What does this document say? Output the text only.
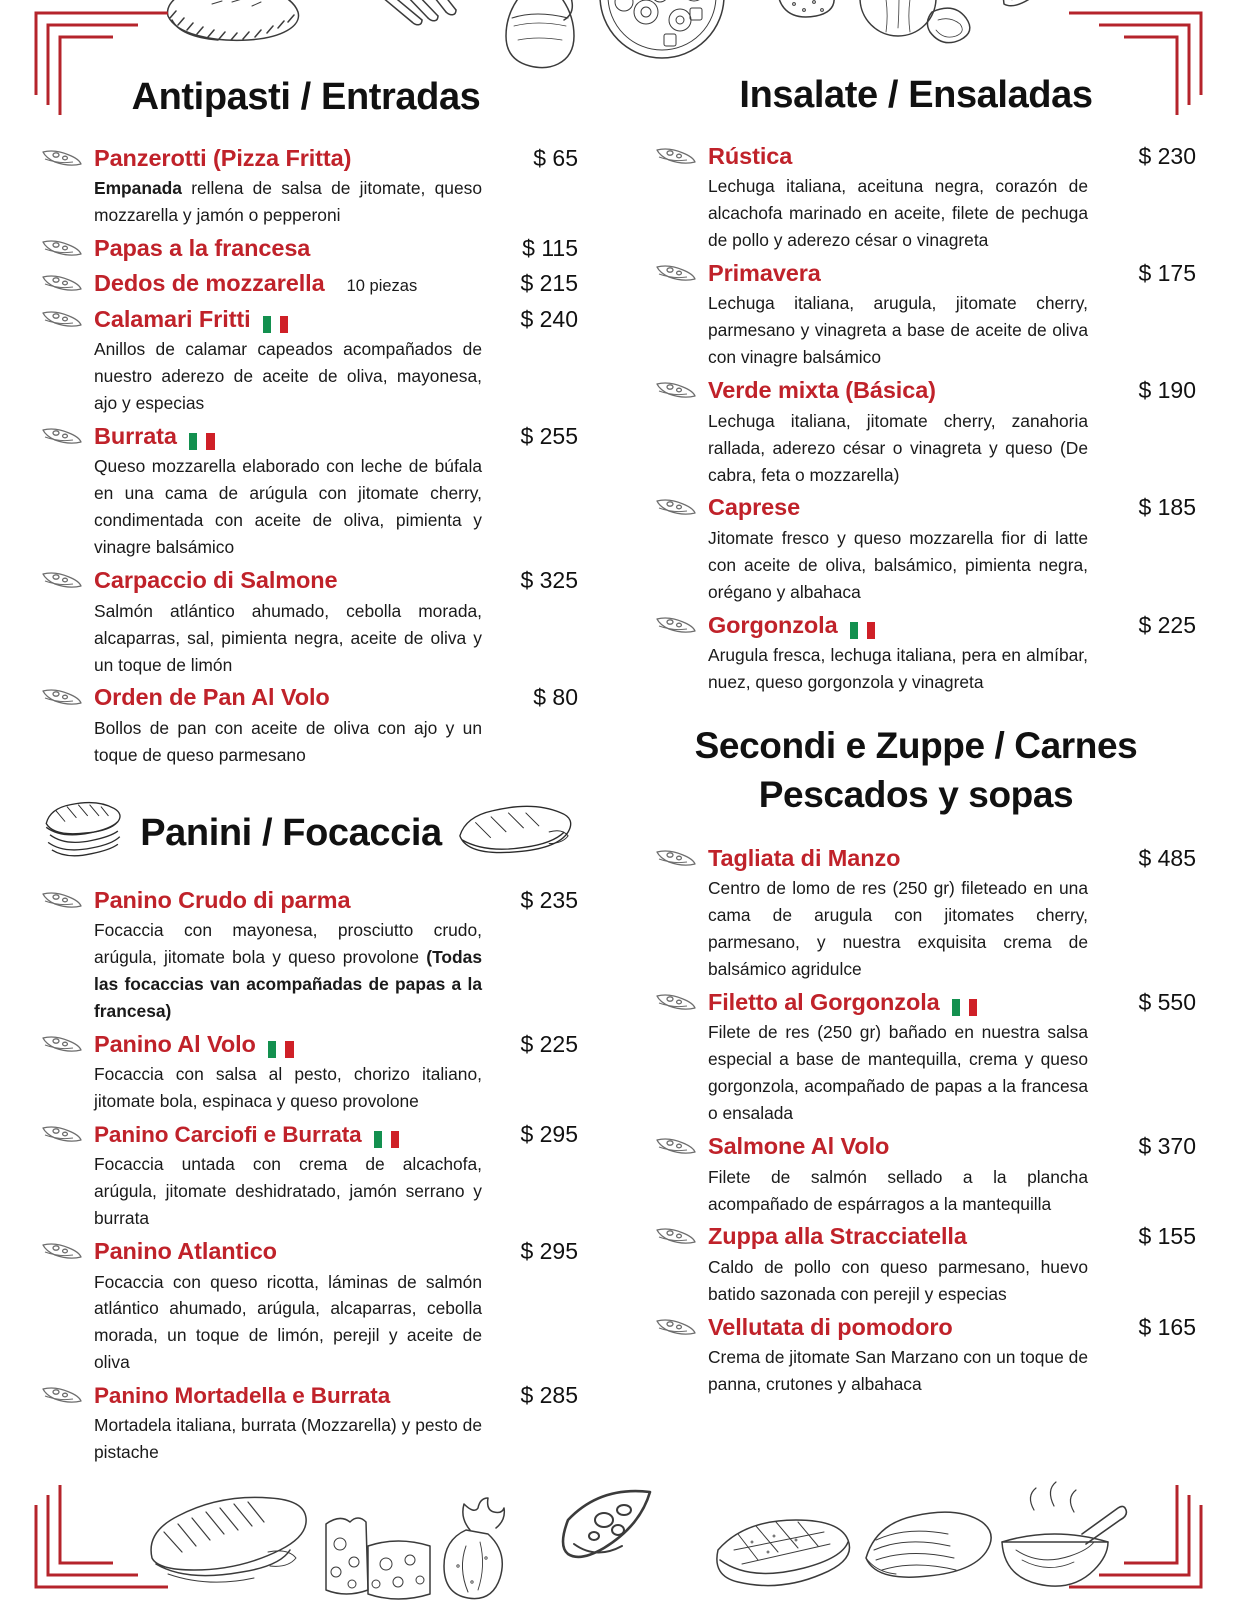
Antipasti / Entradas
Panzerotti (Pizza Fritta)	$ 65

Empanada rellena de salsa de jitomate, queso mozzarella y jamón o pepperoni

Papas a la francesa	$ 115
Dedos de mozzarella 10 piezas	$ 215
Calamari Fritti	$ 240

Anillos de calamar capeados acompañados de nuestro aderezo de aceite de oliva, mayonesa, ajo y especias

Burrata	$ 255

Queso mozzarella elaborado con leche de búfala en una cama de arúgula con jitomate cherry, condimentada con aceite de oliva, pimienta y vinagre balsámico

Carpaccio di Salmone	$ 325

Salmón atlántico ahumado, cebolla morada, alcaparras, sal, pimienta negra, aceite de oliva y un toque de limón

Orden de Pan Al Volo	$ 80

Bollos de pan con aceite de oliva con ajo y un toque de queso parmesano

Panini / Focaccia
Panino Crudo di parma	$ 235

Focaccia con mayonesa, prosciutto crudo, arúgula, jitomate bola y queso provolone (Todas las focaccias van acompañadas de papas a la francesa)

Panino Al Volo	$ 225

Focaccia con salsa al pesto, chorizo italiano, jitomate bola, espinaca y queso provolone

Panino Carciofi e Burrata	$ 295

Focaccia untada con crema de alcachofa, arúgula, jitomate deshidratado, jamón serrano y burrata

Panino Atlantico	$ 295

Focaccia con queso ricotta, láminas de salmón atlántico ahumado, arúgula, alcaparras, cebolla morada, un toque de limón, perejil y aceite de oliva

Panino Mortadella e Burrata	$ 285

Mortadela italiana, burrata (Mozzarella) y pesto de pistache

Insalate / Ensaladas
Rústica	$ 230

Lechuga italiana, aceituna negra, corazón de alcachofa marinado en aceite, filete de pechuga de pollo y aderezo césar o vinagreta

Primavera	$ 175

Lechuga italiana, arugula, jitomate cherry, parmesano y vinagreta a base de aceite de oliva con vinagre balsámico

Verde mixta (Básica)	$ 190

Lechuga italiana, jitomate cherry, zanahoria rallada, aderezo césar o vinagreta y queso (De cabra, feta o mozzarella)

Caprese	$ 185

Jitomate fresco y queso mozzarella fior di latte con aceite de oliva, balsámico, pimienta negra, orégano y albahaca

Gorgonzola	$ 225

Arugula fresca, lechuga italiana, pera en almíbar, nuez, queso gorgonzola y vinagreta

Secondi e Zuppe / Carnes
Pescados y sopas
Tagliata di Manzo	$ 485

Centro de lomo de res (250 gr) fileteado en una cama de arugula con jitomates cherry, parmesano, y nuestra exquisita crema de balsámico agridulce

Filetto al Gorgonzola	$ 550

Filete de res (250 gr) bañado en nuestra salsa especial a base de mantequilla, crema y queso gorgonzola, acompañado de papas a la francesa o ensalada

Salmone Al Volo	$ 370

Filete de salmón sellado a la plancha acompañado de espárragos a la mantequilla

Zuppa alla Stracciatella	$ 155

Caldo de pollo con queso parmesano, huevo batido sazonada con perejil y especias

Vellutata di pomodoro	$ 165

Crema de jitomate San Marzano con un toque de panna, crutones y albahaca
